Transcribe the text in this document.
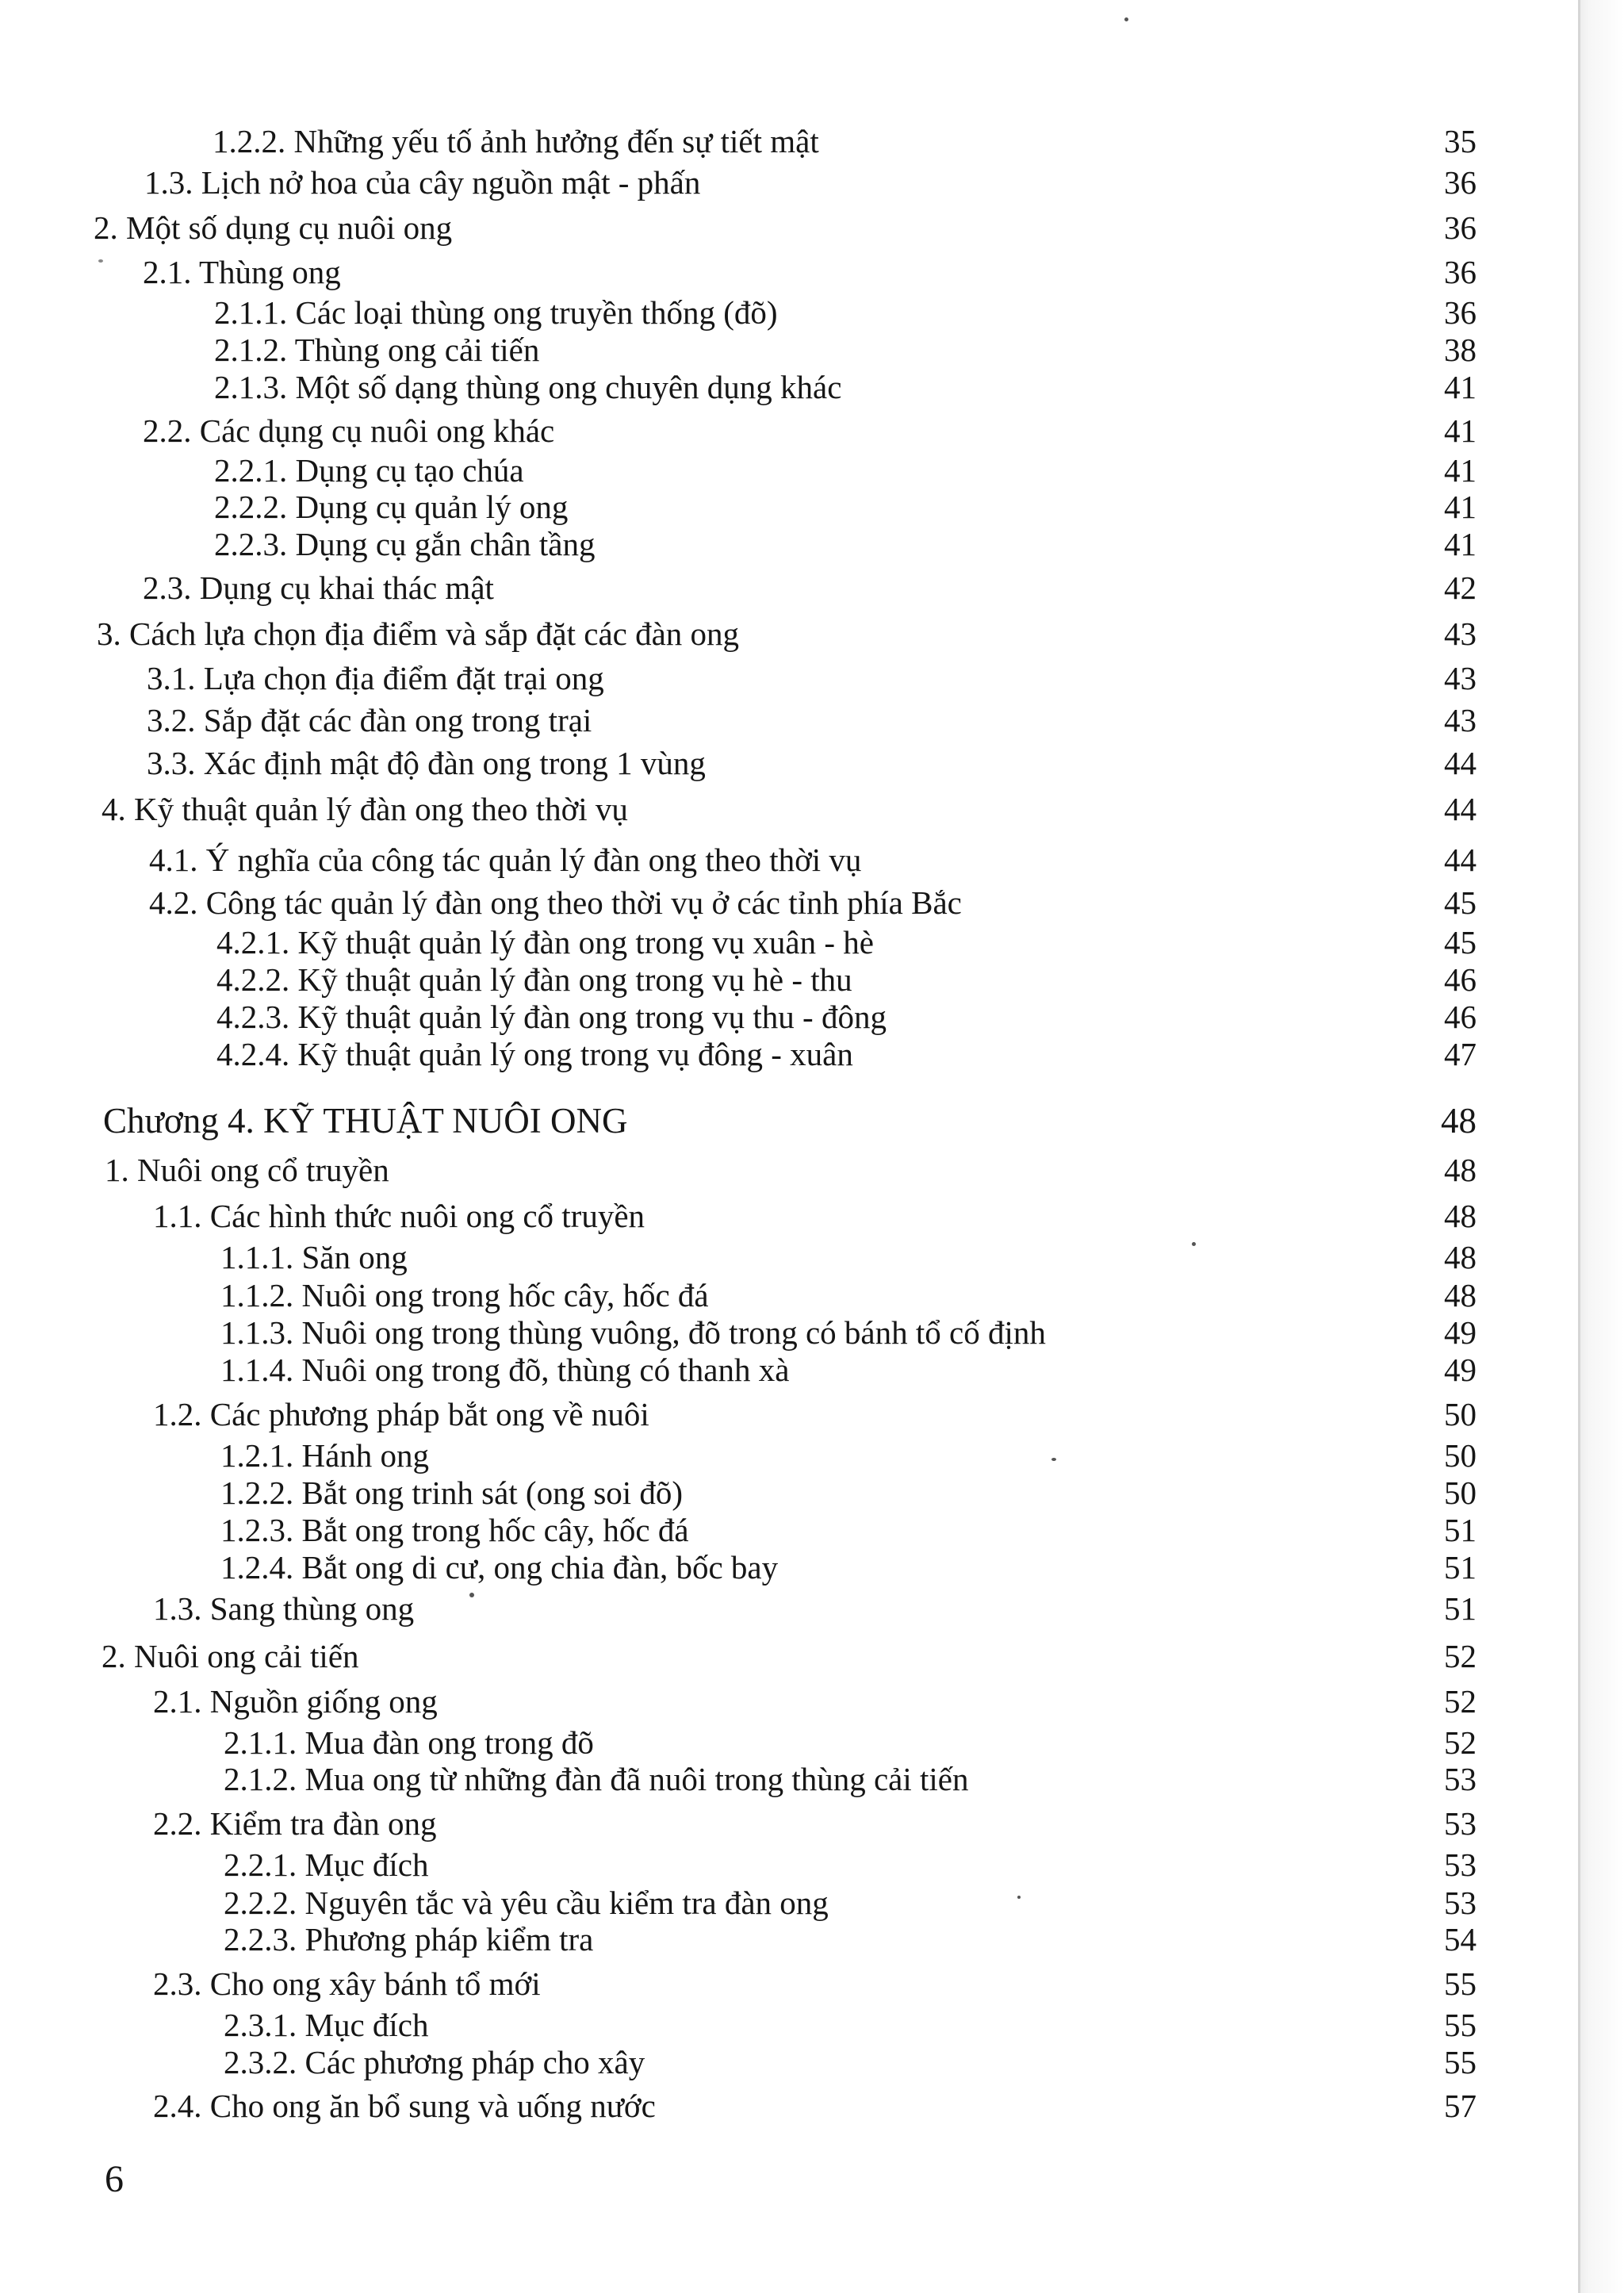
1.2.2. Những yếu tố ảnh hưởng đến sự tiết mật	35
1.3. Lịch nở hoa của cây nguồn mật - phấn	36
2. Một số dụng cụ nuôi ong	36
2.1. Thùng ong	36
2.1.1. Các loại thùng ong truyền thống (đõ)	36
2.1.2. Thùng ong cải tiến	38
2.1.3. Một số dạng thùng ong chuyên dụng khác	41
2.2. Các dụng cụ nuôi ong khác	41
2.2.1. Dụng cụ tạo chúa	41
2.2.2. Dụng cụ quản lý ong	41
2.2.3. Dụng cụ gắn chân tầng	41
2.3. Dụng cụ khai thác mật	42
3. Cách lựa chọn địa điểm và sắp đặt các đàn ong	43
3.1. Lựa chọn địa điểm đặt trại ong	43
3.2. Sắp đặt các đàn ong trong trại	43
3.3. Xác định mật độ đàn ong trong 1 vùng	44
4. Kỹ thuật quản lý đàn ong theo thời vụ	44
4.1. Ý nghĩa của công tác quản lý đàn ong theo thời vụ	44
4.2. Công tác quản lý đàn ong theo thời vụ ở các tỉnh phía Bắc	45
4.2.1. Kỹ thuật quản lý đàn ong trong vụ xuân - hè	45
4.2.2. Kỹ thuật quản lý đàn ong trong vụ hè - thu	46
4.2.3. Kỹ thuật quản lý đàn ong trong vụ thu - đông	46
4.2.4. Kỹ thuật quản lý ong trong vụ đông - xuân	47
Chương 4. KỸ THUẬT NUÔI ONG	48
1. Nuôi ong cổ truyền	48
1.1. Các hình thức nuôi ong cổ truyền	48
1.1.1. Săn ong	48
1.1.2. Nuôi ong trong hốc cây, hốc đá	48
1.1.3. Nuôi ong trong thùng vuông, đõ trong có bánh tổ cố định	49
1.1.4. Nuôi ong trong đõ, thùng có thanh xà	49
1.2. Các phương pháp bắt ong về nuôi	50
1.2.1. Hánh ong	50
1.2.2. Bắt ong trinh sát (ong soi đõ)	50
1.2.3. Bắt ong trong hốc cây, hốc đá	51
1.2.4. Bắt ong di cư, ong chia đàn, bốc bay	51
1.3. Sang thùng ong	51
2. Nuôi ong cải tiến	52
2.1. Nguồn giống ong	52
2.1.1. Mua đàn ong trong đõ	52
2.1.2. Mua ong từ những đàn đã nuôi trong thùng cải tiến	53
2.2. Kiểm tra đàn ong	53
2.2.1. Mục đích	53
2.2.2. Nguyên tắc và yêu cầu kiểm tra đàn ong	53
2.2.3. Phương pháp kiểm tra	54
2.3. Cho ong xây bánh tổ mới	55
2.3.1. Mục đích	55
2.3.2. Các phương pháp cho xây	55
2.4. Cho ong ăn bổ sung và uống nước	57
6
